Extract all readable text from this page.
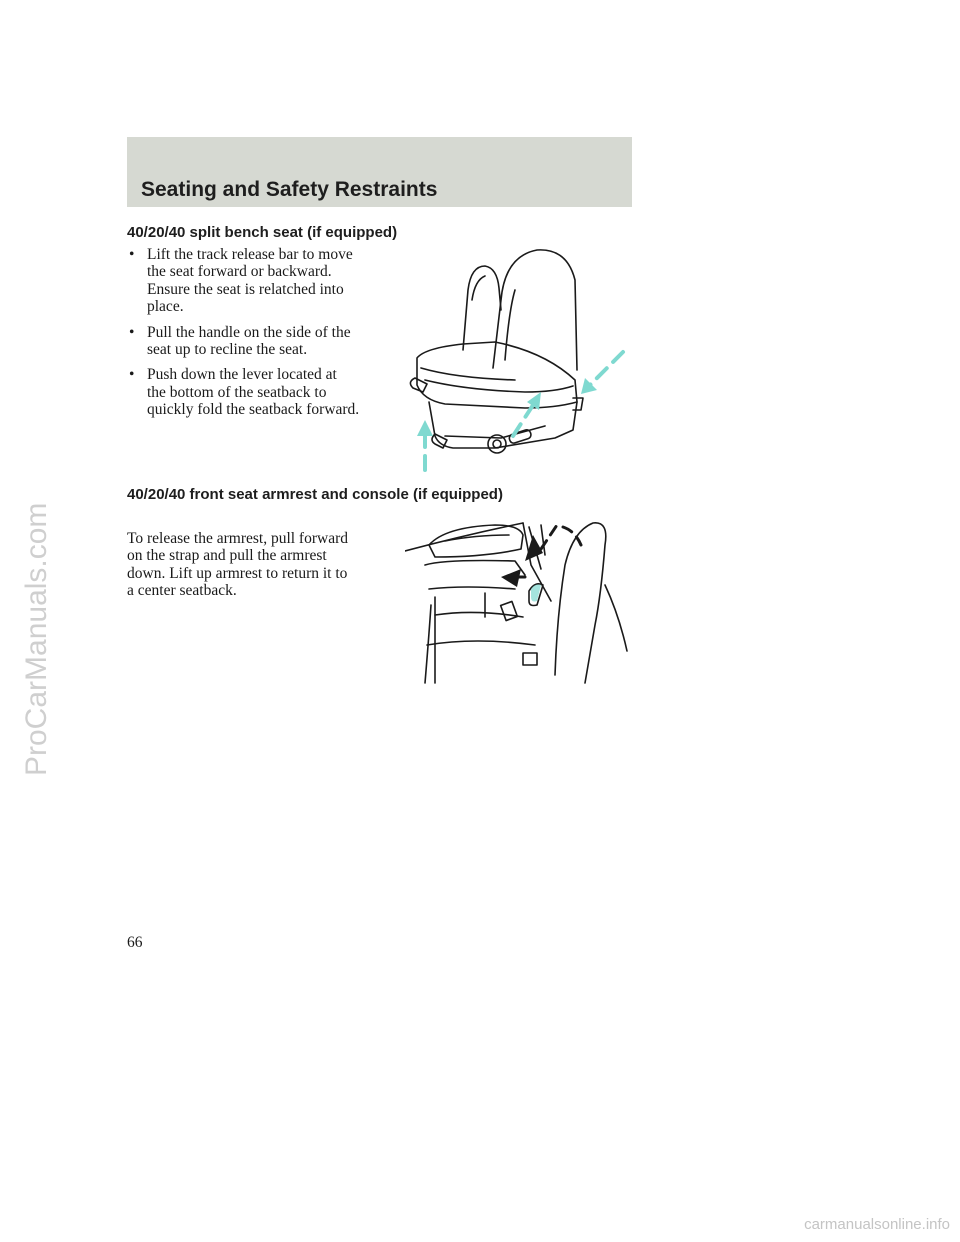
Seating and Safety Restraints
40/20/40 split bench seat (if equipped)
• Lift the track release bar to move
the seat forward or backward.
Ensure the seat is relatched into
place.
• Pull the handle on the side of the
seat up to recline the seat.
• Push down the lever located at
the bottom of the seatback to
quickly fold the seatback forward.
40/20/40 front seat armrest and console (if equipped)

To release the armrest, pull forward
on the strap and pull the armrest
down. Lift up armrest to return it to
a center seatback.

66

ProCarManuals.com

carmanualsonline.info
